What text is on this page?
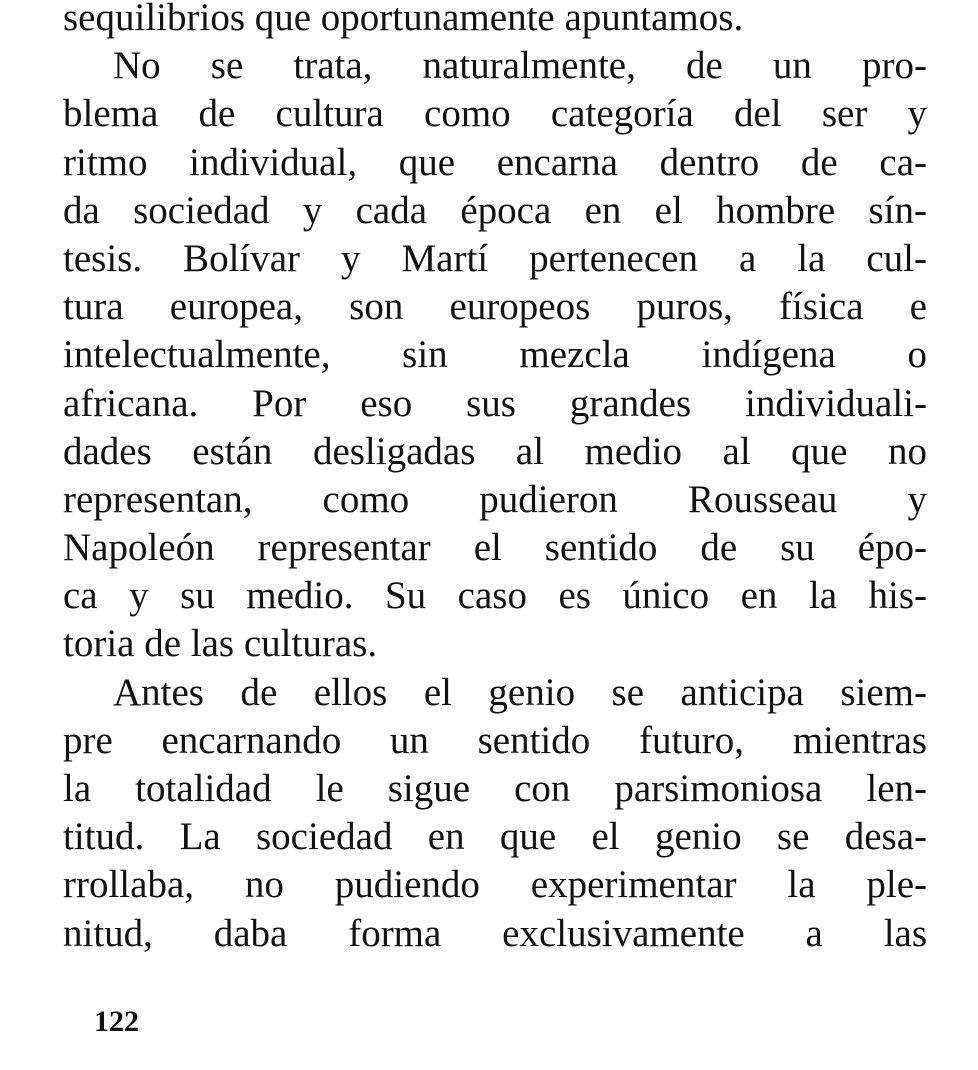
sequilibrios que oportunamente apuntamos.
No se trata, naturalmente, de un pro-
blema de cultura como categoría del ser y
ritmo individual, que encarna dentro de ca-
da sociedad y cada época en el hombre sín-
tesis. Bolívar y Martí pertenecen a la cul-
tura europea, son europeos puros, física e
intelectualmente, sin mezcla indígena o
africana. Por eso sus grandes individuali-
dades están desligadas al medio al que no
representan, como pudieron Rousseau y
Napoleón representar el sentido de su épo-
ca y su medio. Su caso es único en la his-
toria de las culturas.
Antes de ellos el genio se anticipa siem-
pre encarnando un sentido futuro, mientras
la totalidad le sigue con parsimoniosa len-
titud. La sociedad en que el genio se desa-
rrollaba, no pudiendo experimentar la ple-
nitud, daba forma exclusivamente a las
122
